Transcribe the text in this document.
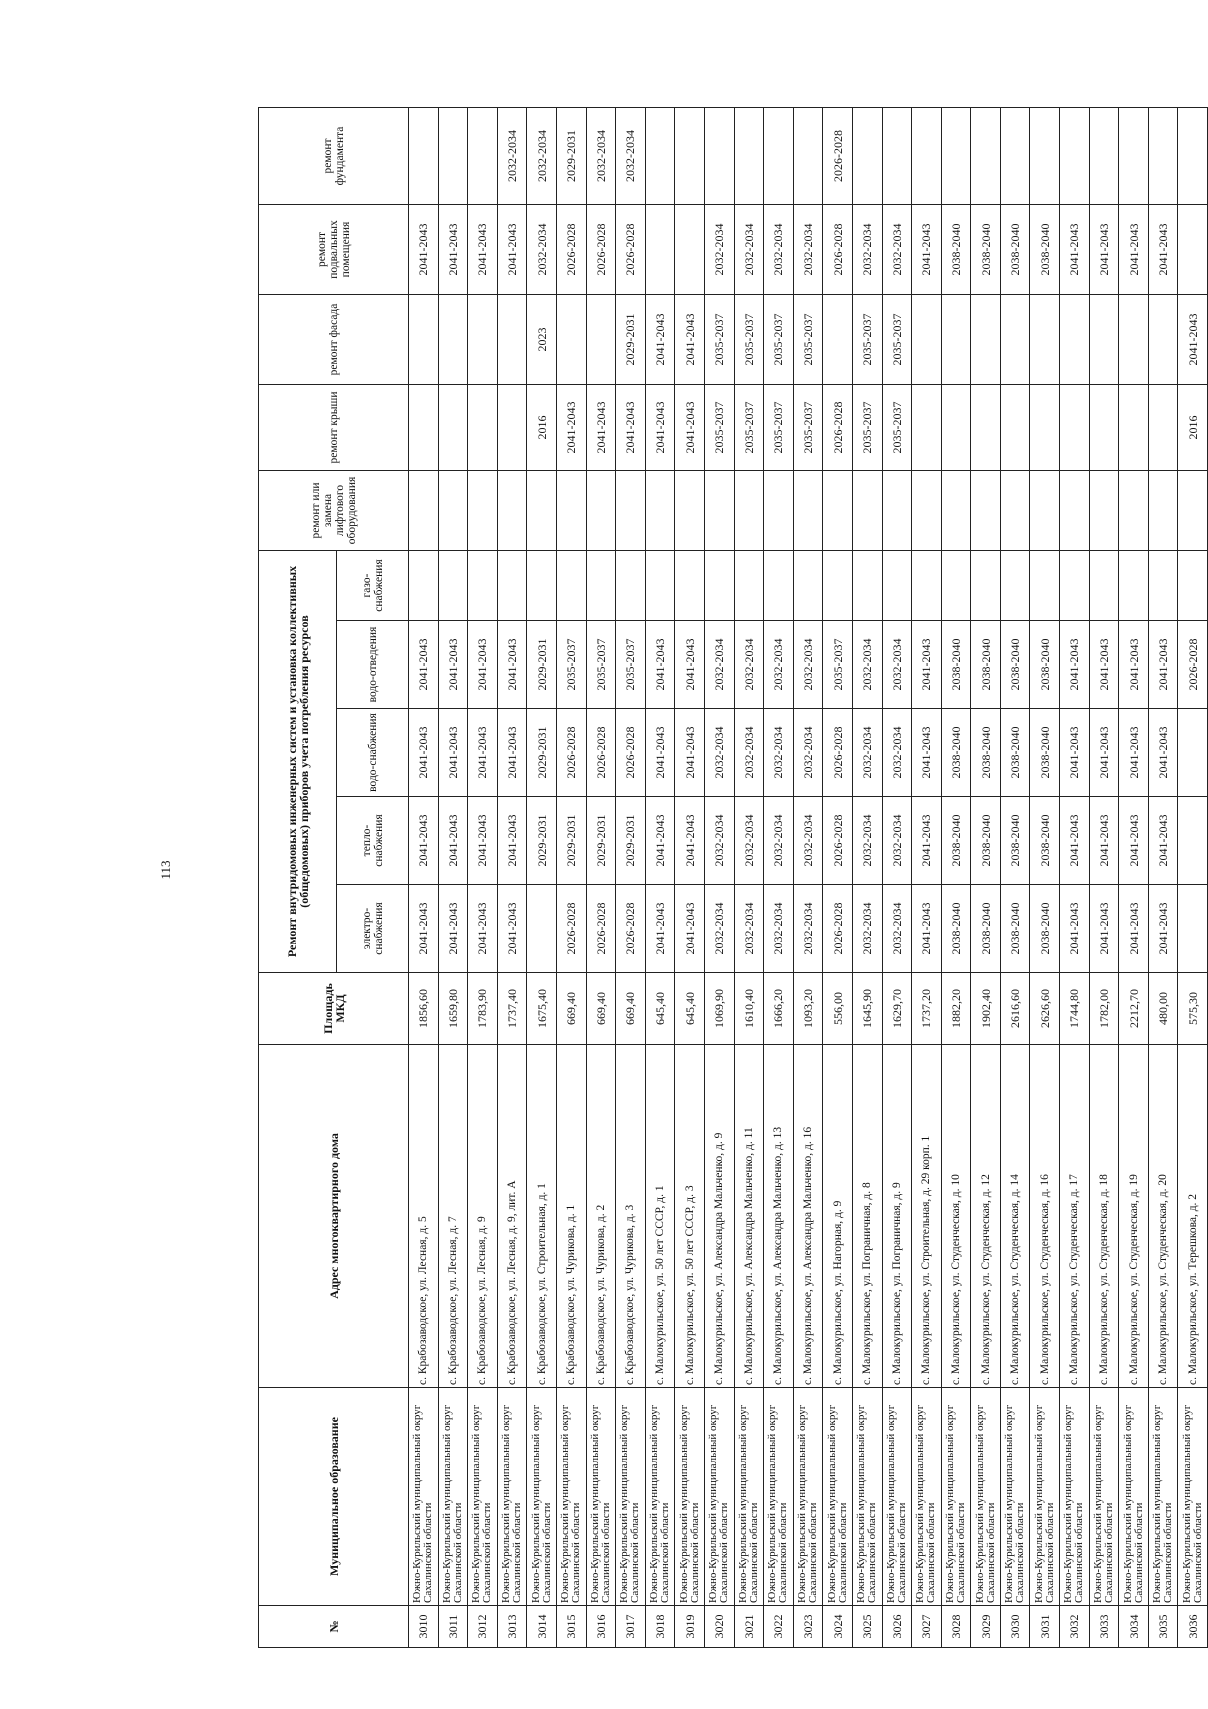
113
№	Муниципальное образование	Адрес многоквартирного дома	Площадь МКД	Ремонт внутридомовых инженерных систем и установка коллективных (общедомовых) приборов учета потребления ресурсов					ремонт или замена лифтового оборудования	ремонт крыши	ремонт фасада	ремонт подвальных помещения	ремонт фундамента
				электро-снабжения	тепло-снабжения	водо-снабжения	водо-отведения	газо-снабжения					

3010	Южно-Курильский муниципальный округ Сахалинской области	с. Крабозаводское, ул. Лесная, д. 5	1856,60	2041-2043	2041-2043	2041-2043	2041-2043					2041-2043	
3011	Южно-Курильский муниципальный округ Сахалинской области	с. Крабозаводское, ул. Лесная, д. 7	1659,80	2041-2043	2041-2043	2041-2043	2041-2043					2041-2043	
3012	Южно-Курильский муниципальный округ Сахалинской области	с. Крабозаводское, ул. Лесная, д. 9	1783,90	2041-2043	2041-2043	2041-2043	2041-2043					2041-2043	
3013	Южно-Курильский муниципальный округ Сахалинской области	с. Крабозаводское, ул. Лесная, д. 9, лит. А	1737,40	2041-2043	2041-2043	2041-2043	2041-2043					2041-2043	2032-2034
3014	Южно-Курильский муниципальный округ Сахалинской области	с. Крабозаводское, ул. Строительная, д. 1	1675,40		2029-2031	2029-2031	2029-2031			2016	2023	2032-2034	2032-2034
3015	Южно-Курильский муниципальный округ Сахалинской области	с. Крабозаводское, ул. Чурикова, д. 1	669,40	2026-2028	2029-2031	2026-2028	2035-2037			2041-2043		2026-2028	2029-2031
3016	Южно-Курильский муниципальный округ Сахалинской области	с. Крабозаводское, ул. Чурикова, д. 2	669,40	2026-2028	2029-2031	2026-2028	2035-2037			2041-2043		2026-2028	2032-2034
3017	Южно-Курильский муниципальный округ Сахалинской области	с. Крабозаводское, ул. Чурикова, д. 3	669,40	2026-2028	2029-2031	2026-2028	2035-2037			2041-2043	2029-2031	2026-2028	2032-2034
3018	Южно-Курильский муниципальный округ Сахалинской области	с. Малокурильское, ул. 50 лет СССР, д. 1	645,40	2041-2043	2041-2043	2041-2043	2041-2043			2041-2043	2041-2043		
3019	Южно-Курильский муниципальный округ Сахалинской области	с. Малокурильское, ул. 50 лет СССР, д. 3	645,40	2041-2043	2041-2043	2041-2043	2041-2043			2041-2043	2041-2043		
3020	Южно-Курильский муниципальный округ Сахалинской области	с. Малокурильское, ул. Александра Мальченко, д. 9	1069,90	2032-2034	2032-2034	2032-2034	2032-2034			2035-2037	2035-2037	2032-2034	
3021	Южно-Курильский муниципальный округ Сахалинской области	с. Малокурильское, ул. Александра Мальченко, д. 11	1610,40	2032-2034	2032-2034	2032-2034	2032-2034			2035-2037	2035-2037	2032-2034	
3022	Южно-Курильский муниципальный округ Сахалинской области	с. Малокурильское, ул. Александра Мальченко, д. 13	1666,20	2032-2034	2032-2034	2032-2034	2032-2034			2035-2037	2035-2037	2032-2034	
3023	Южно-Курильский муниципальный округ Сахалинской области	с. Малокурильское, ул. Александра Мальченко, д. 16	1093,20	2032-2034	2032-2034	2032-2034	2032-2034			2035-2037	2035-2037	2032-2034	
3024	Южно-Курильский муниципальный округ Сахалинской области	с. Малокурильское, ул. Нагорная, д. 9	556,00	2026-2028	2026-2028	2026-2028	2035-2037			2026-2028		2026-2028	2026-2028
3025	Южно-Курильский муниципальный округ Сахалинской области	с. Малокурильское, ул. Пограничная, д. 8	1645,90	2032-2034	2032-2034	2032-2034	2032-2034			2035-2037	2035-2037	2032-2034	
3026	Южно-Курильский муниципальный округ Сахалинской области	с. Малокурильское, ул. Пограничная, д. 9	1629,70	2032-2034	2032-2034	2032-2034	2032-2034			2035-2037	2035-2037	2032-2034	
3027	Южно-Курильский муниципальный округ Сахалинской области	с. Малокурильское, ул. Строительная, д. 29 корп. 1	1737,20	2041-2043	2041-2043	2041-2043	2041-2043					2041-2043	
3028	Южно-Курильский муниципальный округ Сахалинской области	с. Малокурильское, ул. Студенческая, д. 10	1882,20	2038-2040	2038-2040	2038-2040	2038-2040					2038-2040	
3029	Южно-Курильский муниципальный округ Сахалинской области	с. Малокурильское, ул. Студенческая, д. 12	1902,40	2038-2040	2038-2040	2038-2040	2038-2040					2038-2040	
3030	Южно-Курильский муниципальный округ Сахалинской области	с. Малокурильское, ул. Студенческая, д. 14	2616,60	2038-2040	2038-2040	2038-2040	2038-2040					2038-2040	
3031	Южно-Курильский муниципальный округ Сахалинской области	с. Малокурильское, ул. Студенческая, д. 16	2626,60	2038-2040	2038-2040	2038-2040	2038-2040					2038-2040	
3032	Южно-Курильский муниципальный округ Сахалинской области	с. Малокурильское, ул. Студенческая, д. 17	1744,80	2041-2043	2041-2043	2041-2043	2041-2043					2041-2043	
3033	Южно-Курильский муниципальный округ Сахалинской области	с. Малокурильское, ул. Студенческая, д. 18	1782,00	2041-2043	2041-2043	2041-2043	2041-2043					2041-2043	
3034	Южно-Курильский муниципальный округ Сахалинской области	с. Малокурильское, ул. Студенческая, д. 19	2212,70	2041-2043	2041-2043	2041-2043	2041-2043					2041-2043	
3035	Южно-Курильский муниципальный округ Сахалинской области	с. Малокурильское, ул. Студенческая, д. 20	480,00	2041-2043	2041-2043	2041-2043	2041-2043					2041-2043	
3036	Южно-Курильский муниципальный округ Сахалинской области	с. Малокурильское, ул. Терешкова, д. 2	575,30				2026-2028			2016	2041-2043		
